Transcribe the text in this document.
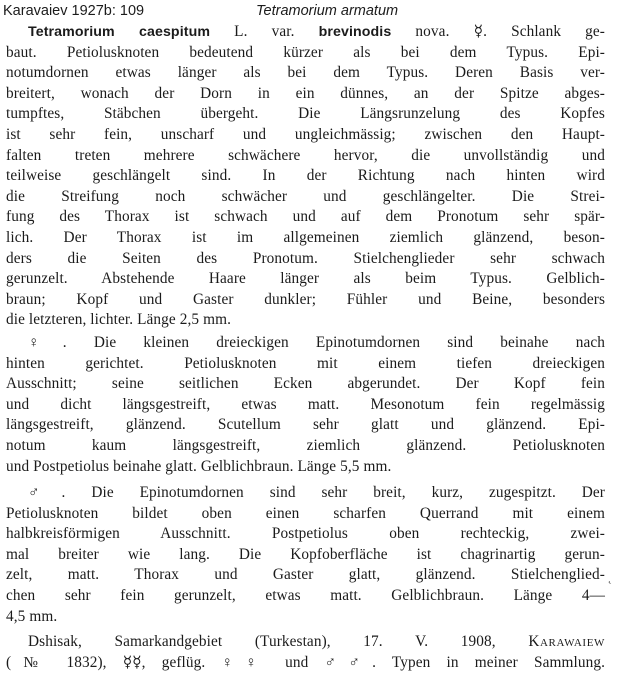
Karavaiev 1927b: 109	Tetramorium armatum
Tetramorium caespitum L. var. brevinodis nova. ☿. Schlank ge-
baut. Petiolusknoten bedeutend kürzer als bei dem Typus. Epi-
notumdornen etwas länger als bei dem Typus. Deren Basis ver-
breitert, wonach der Dorn in ein dünnes, an der Spitze abges-
tumpftes, Stäbchen übergeht. Die Längsrunzelung des Kopfes
ist sehr fein, unscharf und ungleichmässig; zwischen den Haupt-
falten treten mehrere schwächere hervor, die unvollständig und
teilweise geschlängelt sind. In der Richtung nach hinten wird
die Streifung noch schwächer und geschlängelter. Die Strei-
fung des Thorax ist schwach und auf dem Pronotum sehr spär-
lich. Der Thorax ist im allgemeinen ziemlich glänzend, beson-
ders die Seiten des Pronotum. Stielchenglieder sehr schwach
gerunzelt. Abstehende Haare länger als beim Typus. Gelblich-
braun; Kopf und Gaster dunkler; Fühler und Beine, besonders
die letzteren, lichter. Länge 2,5 mm.
♀. Die kleinen dreieckigen Epinotumdornen sind beinahe nach
hinten gerichtet. Petiolusknoten mit einem tiefen dreieckigen
Ausschnitt; seine seitlichen Ecken abgerundet. Der Kopf fein
und dicht längsgestreift, etwas matt. Mesonotum fein regelmässig
längsgestreift, glänzend. Scutellum sehr glatt und glänzend. Epi-
notum kaum längsgestreift, ziemlich glänzend. Petiolusknoten
und Postpetiolus beinahe glatt. Gelblichbraun. Länge 5,5 mm.
♂. Die Epinotumdornen sind sehr breit, kurz, zugespitzt. Der
Petiolusknoten bildet oben einen scharfen Querrand mit einem
halbkreisförmigen Ausschnitt. Postpetiolus oben rechteckig, zwei-
mal breiter wie lang. Die Kopfoberfläche ist chagrinartig gerun-
zelt, matt. Thorax und Gaster glatt, glänzend. Stielchenglied-
chen sehr fein gerunzelt, etwas matt. Gelblichbraun. Länge 4—
4,5 mm.
Dshisak, Samarkandgebiet (Turkestan), 17. V. 1908, Karawaiew
(№ 1832), ☿☿, geflüg. ♀♀ und ♂♂. Typen in meiner Sammlung.
˛
